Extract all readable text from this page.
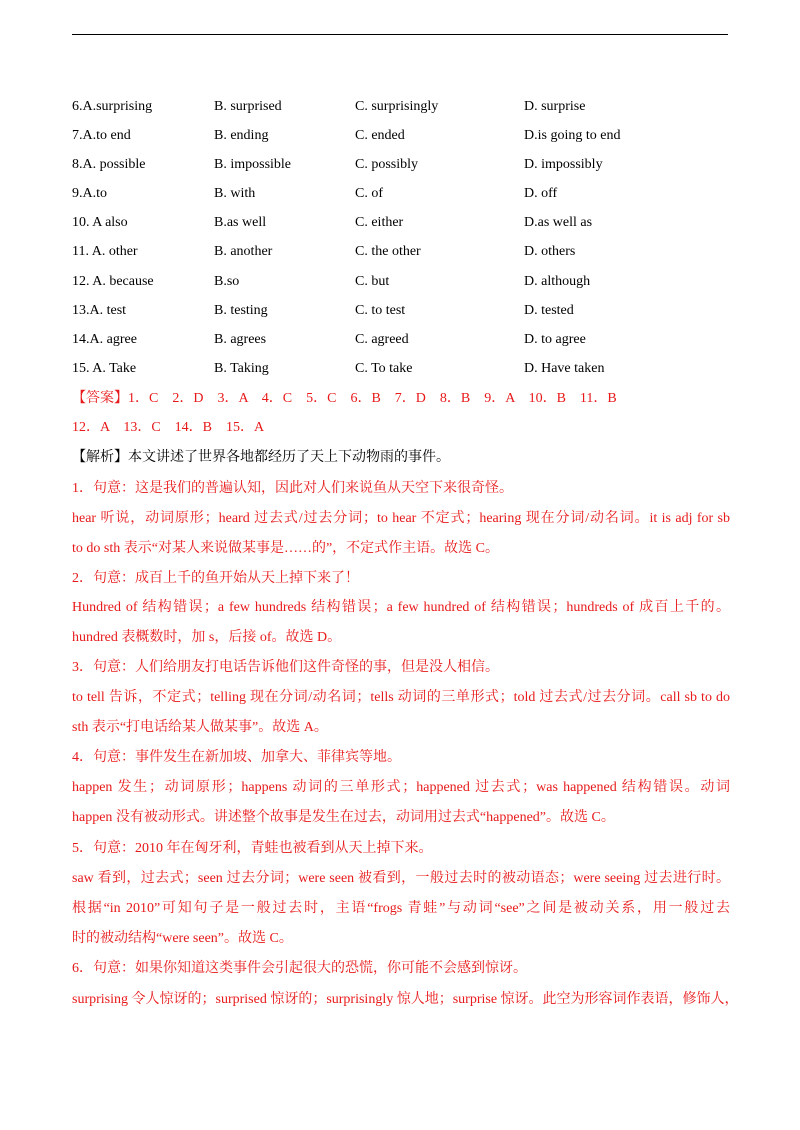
6.A.surprising	B. surprised	C. surprisingly	D. surprise
7.A.to end	B. ending	C. ended	D.is going to end
8.A. possible	B. impossible	C. possibly	D. impossibly
9.A.to	B. with	C. of	D. off
10. A also	B.as well	C. either	D.as well as
11. A. other	B. another	C. the other	D. others
12. A. because	B.so	C. but	D. although
13.A. test	B. testing	C. to test	D. tested
14.A. agree	B. agrees	C. agreed	D. to agree
15. A. Take	B. Taking	C. To take	D. Have taken
【答案】1．C　2．D　3．A　4．C　5．C　6．B　7．D　8．B　9．A　10．B　11．B
12．A　13．C　14．B　15．A
【解析】本文讲述了世界各地都经历了天上下动物雨的事件。
1．句意：这是我们的普遍认知，因此对人们来说鱼从天空下来很奇怪。
hear 听说，动词原形；heard 过去式/过去分词；to hear 不定式；hearing 现在分词/动名词。it is adj for sb
to do sth 表示“对某人来说做某事是……的”，不定式作主语。故选 C。
2．句意：成百上千的鱼开始从天上掉下来了！
Hundred of 结构错误；a few hundreds 结构错误；a few hundred of 结构错误；hundreds of 成百上千的。
hundred 表概数时，加 s，后接 of。故选 D。
3．句意：人们给朋友打电话告诉他们这件奇怪的事，但是没人相信。
to tell 告诉，不定式；telling 现在分词/动名词；tells 动词的三单形式；told 过去式/过去分词。call sb to do
sth 表示“打电话给某人做某事”。故选 A。
4．句意：事件发生在新加坡、加拿大、菲律宾等地。
happen 发生；动词原形；happens 动词的三单形式；happened 过去式；was happened 结构错误。动词
happen 没有被动形式。讲述整个故事是发生在过去，动词用过去式“happened”。故选 C。
5．句意：2010 年在匈牙利，青蛙也被看到从天上掉下来。
saw 看到，过去式；seen 过去分词；were seen 被看到，一般过去时的被动语态；were seeing 过去进行时。
根据“in 2010”可知句子是一般过去时，主语“frogs 青蛙”与动词“see”之间是被动关系，用一般过去
时的被动结构“were seen”。故选 C。
6．句意：如果你知道这类事件会引起很大的恐慌，你可能不会感到惊讶。
surprising 令人惊讶的；surprised 惊讶的；surprisingly 惊人地；surprise 惊讶。此空为形容词作表语，修饰人，
